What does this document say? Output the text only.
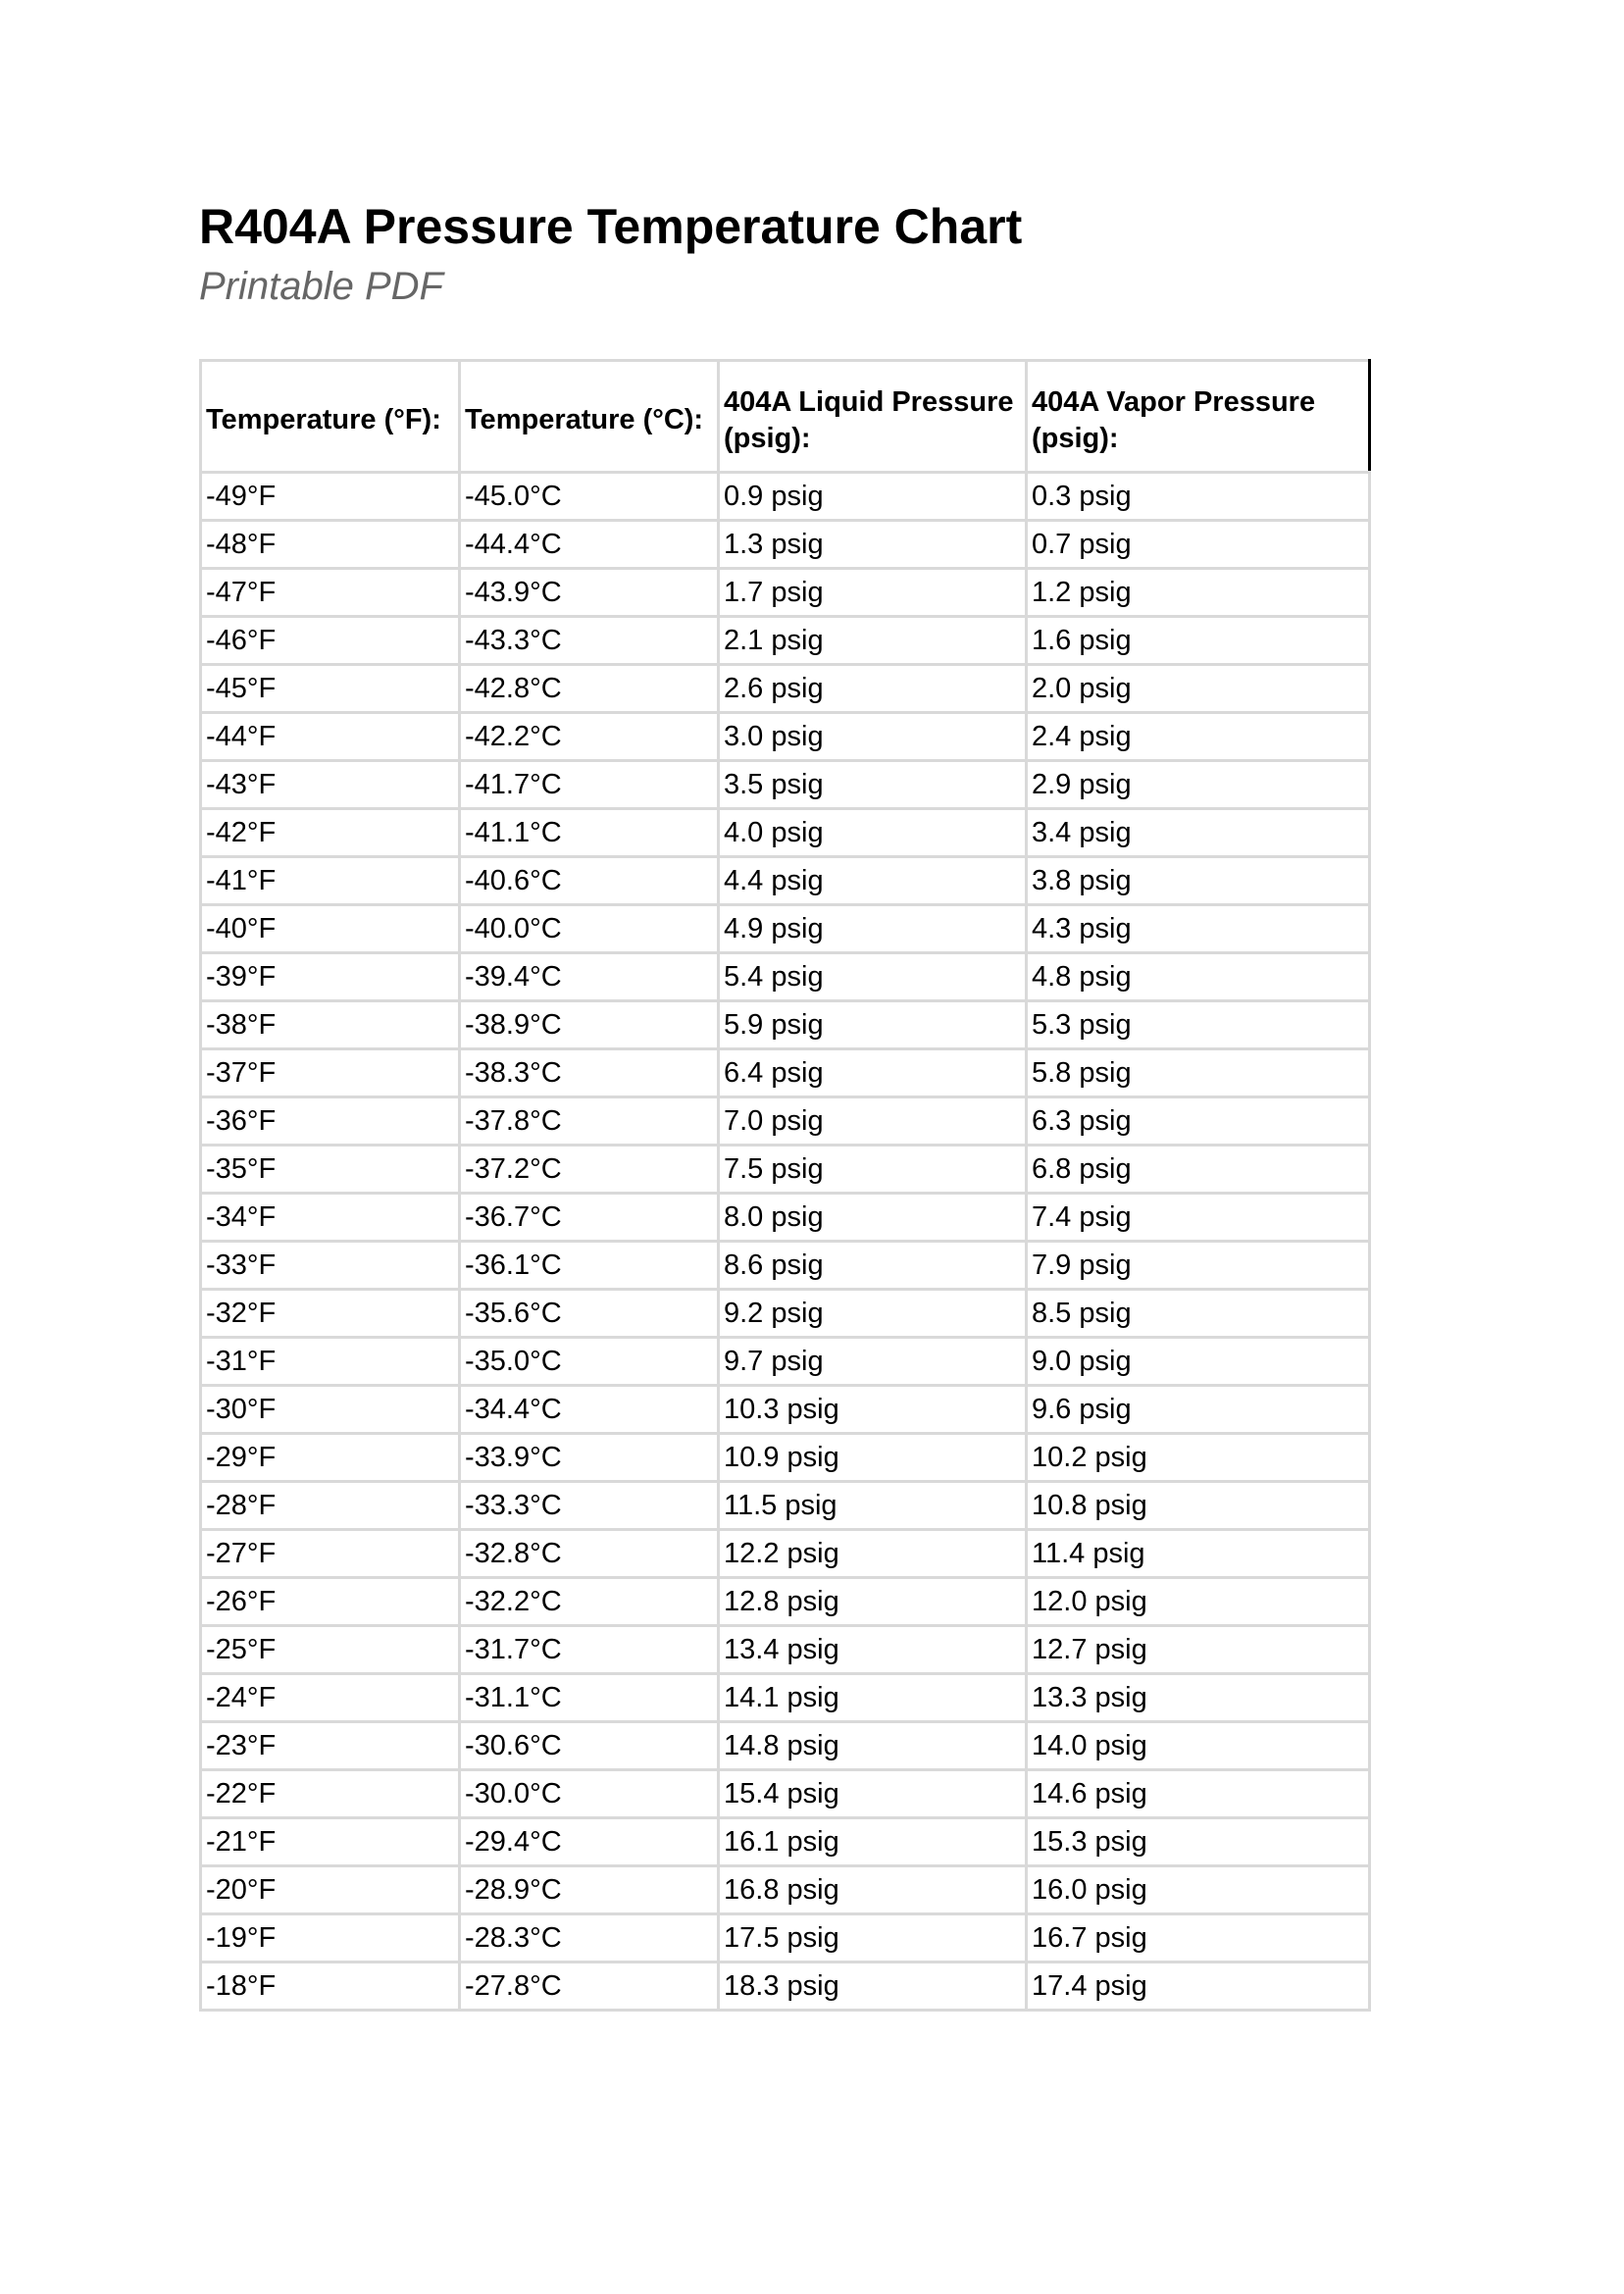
R404A Pressure Temperature Chart

Printable PDF

Temperature (°F):	Temperature (°C):	404A Liquid Pressure (psig):	404A Vapor Pressure (psig):
-49°F	-45.0°C	0.9 psig	0.3 psig
-48°F	-44.4°C	1.3 psig	0.7 psig
-47°F	-43.9°C	1.7 psig	1.2 psig
-46°F	-43.3°C	2.1 psig	1.6 psig
-45°F	-42.8°C	2.6 psig	2.0 psig
-44°F	-42.2°C	3.0 psig	2.4 psig
-43°F	-41.7°C	3.5 psig	2.9 psig
-42°F	-41.1°C	4.0 psig	3.4 psig
-41°F	-40.6°C	4.4 psig	3.8 psig
-40°F	-40.0°C	4.9 psig	4.3 psig
-39°F	-39.4°C	5.4 psig	4.8 psig
-38°F	-38.9°C	5.9 psig	5.3 psig
-37°F	-38.3°C	6.4 psig	5.8 psig
-36°F	-37.8°C	7.0 psig	6.3 psig
-35°F	-37.2°C	7.5 psig	6.8 psig
-34°F	-36.7°C	8.0 psig	7.4 psig
-33°F	-36.1°C	8.6 psig	7.9 psig
-32°F	-35.6°C	9.2 psig	8.5 psig
-31°F	-35.0°C	9.7 psig	9.0 psig
-30°F	-34.4°C	10.3 psig	9.6 psig
-29°F	-33.9°C	10.9 psig	10.2 psig
-28°F	-33.3°C	11.5 psig	10.8 psig
-27°F	-32.8°C	12.2 psig	11.4 psig
-26°F	-32.2°C	12.8 psig	12.0 psig
-25°F	-31.7°C	13.4 psig	12.7 psig
-24°F	-31.1°C	14.1 psig	13.3 psig
-23°F	-30.6°C	14.8 psig	14.0 psig
-22°F	-30.0°C	15.4 psig	14.6 psig
-21°F	-29.4°C	16.1 psig	15.3 psig
-20°F	-28.9°C	16.8 psig	16.0 psig
-19°F	-28.3°C	17.5 psig	16.7 psig
-18°F	-27.8°C	18.3 psig	17.4 psig
